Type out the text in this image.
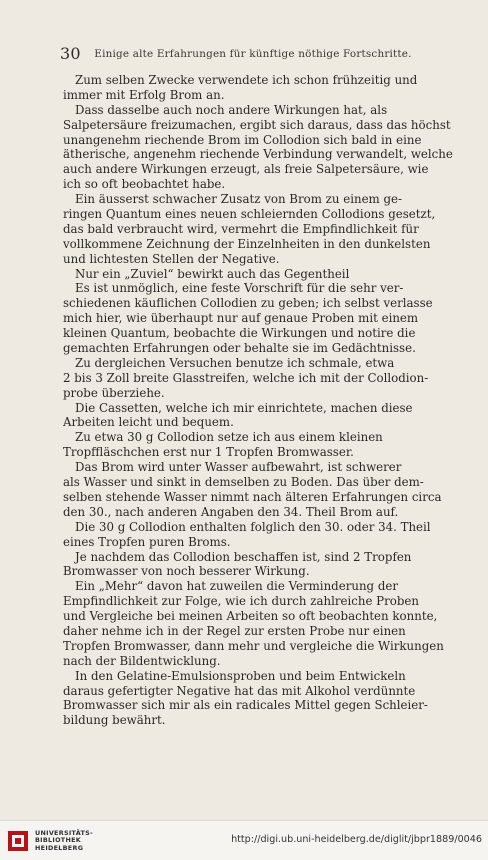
30 Einige alte Erfahrungen für künftige nöthige Fortschritte.
Zum selben Zwecke verwendete ich schon frühzeitig und
immer mit Erfolg Brom an.
Dass dasselbe auch noch andere Wirkungen hat, als
Salpetersäure freizumachen, ergibt sich daraus, dass das höchst
unangenehm riechende Brom im Collodion sich bald in eine
ätherische, angenehm riechende Verbindung verwandelt, welche
auch andere Wirkungen erzeugt, als freie Salpetersäure, wie
ich so oft beobachtet habe.
Ein äusserst schwacher Zusatz von Brom zu einem ge-
ringen Quantum eines neuen schleiernden Collodions gesetzt,
das bald verbraucht wird, vermehrt die Empfindlichkeit für
vollkommene Zeichnung der Einzelnheiten in den dunkelsten
und lichtesten Stellen der Negative.
Nur ein „Zuviel“ bewirkt auch das Gegentheil
Es ist unmöglich, eine feste Vorschrift für die sehr ver-
schiedenen käuflichen Collodien zu geben; ich selbst verlasse
mich hier, wie überhaupt nur auf genaue Proben mit einem
kleinen Quantum, beobachte die Wirkungen und notire die
gemachten Erfahrungen oder behalte sie im Gedächtnisse.
Zu dergleichen Versuchen benutze ich schmale, etwa
2 bis 3 Zoll breite Glasstreifen, welche ich mit der Collodion-
probe überziehe.
Die Cassetten, welche ich mir einrichtete, machen diese
Arbeiten leicht und bequem.
Zu etwa 30 g Collodion setze ich aus einem kleinen
Tropffläschchen erst nur 1 Tropfen Bromwasser.
Das Brom wird unter Wasser aufbewahrt, ist schwerer
als Wasser und sinkt in demselben zu Boden. Das über dem-
selben stehende Wasser nimmt nach älteren Erfahrungen circa
den 30., nach anderen Angaben den 34. Theil Brom auf.
Die 30 g Collodion enthalten folglich den 30. oder 34. Theil
eines Tropfen puren Broms.
Je nachdem das Collodion beschaffen ist, sind 2 Tropfen
Bromwasser von noch besserer Wirkung.
Ein „Mehr“ davon hat zuweilen die Verminderung der
Empfindlichkeit zur Folge, wie ich durch zahlreiche Proben
und Vergleiche bei meinen Arbeiten so oft beobachten konnte,
daher nehme ich in der Regel zur ersten Probe nur einen
Tropfen Bromwasser, dann mehr und vergleiche die Wirkungen
nach der Bildentwicklung.
In den Gelatine-Emulsionsproben und beim Entwickeln
daraus gefertigter Negative hat das mit Alkohol verdünnte
Bromwasser sich mir als ein radicales Mittel gegen Schleier-
bildung bewährt.
UNIVERSITÄTS-
BIBLIOTHEK
HEIDELBERG
http://digi.ub.uni-heidelberg.de/diglit/jbpr1889/0046
